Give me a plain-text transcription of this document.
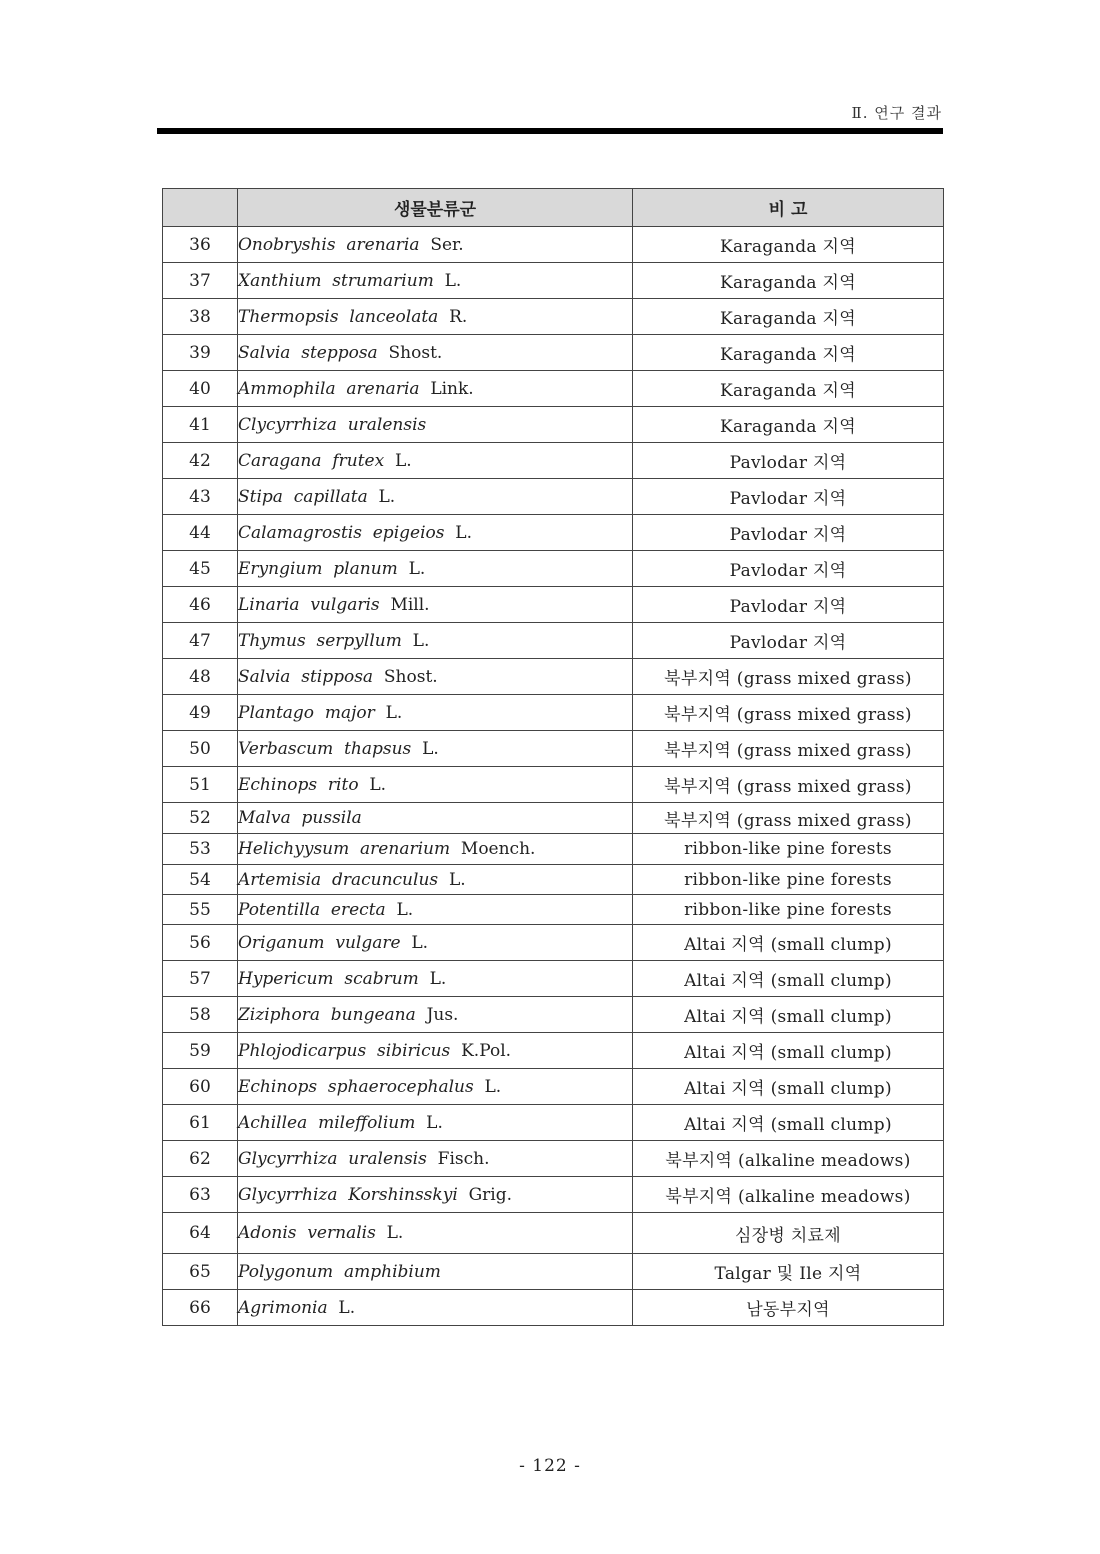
Ⅱ. 연구 결과
	생물분류군	비 고
36	Onobryshis arenaria Ser.	Karaganda 지역
37	Xanthium strumarium L.	Karaganda 지역
38	Thermopsis lanceolata R.	Karaganda 지역
39	Salvia stepposa Shost.	Karaganda 지역
40	Ammophila arenaria Link.	Karaganda 지역
41	Clycyrrhiza uralensis	Karaganda 지역
42	Caragana frutex L.	Pavlodar 지역
43	Stipa capillata L.	Pavlodar 지역
44	Calamagrostis epigeios L.	Pavlodar 지역
45	Eryngium planum L.	Pavlodar 지역
46	Linaria vulgaris Mill.	Pavlodar 지역
47	Thymus serpyllum L.	Pavlodar 지역
48	Salvia stipposa Shost.	북부지역 (grass mixed grass)
49	Plantago major L.	북부지역 (grass mixed grass)
50	Verbascum thapsus L.	북부지역 (grass mixed grass)
51	Echinops rito L.	북부지역 (grass mixed grass)
52	Malva pussila	북부지역 (grass mixed grass)
53	Helichyysum arenarium Moench.	ribbon-like pine forests
54	Artemisia dracunculus L.	ribbon-like pine forests
55	Potentilla erecta L.	ribbon-like pine forests
56	Origanum vulgare L.	Altai 지역 (small clump)
57	Hypericum scabrum L.	Altai 지역 (small clump)
58	Ziziphora bungeana Jus.	Altai 지역 (small clump)
59	Phlojodicarpus sibiricus K.Pol.	Altai 지역 (small clump)
60	Echinops sphaerocephalus L.	Altai 지역 (small clump)
61	Achillea mileffolium L.	Altai 지역 (small clump)
62	Glycyrrhiza uralensis Fisch.	북부지역 (alkaline meadows)
63	Glycyrrhiza Korshinsskyi Grig.	북부지역 (alkaline meadows)
64	Adonis vernalis L.	심장병 치료제
65	Polygonum amphibium	Talgar 및 Ile 지역
66	Agrimonia L.	남동부지역
- 122 -
